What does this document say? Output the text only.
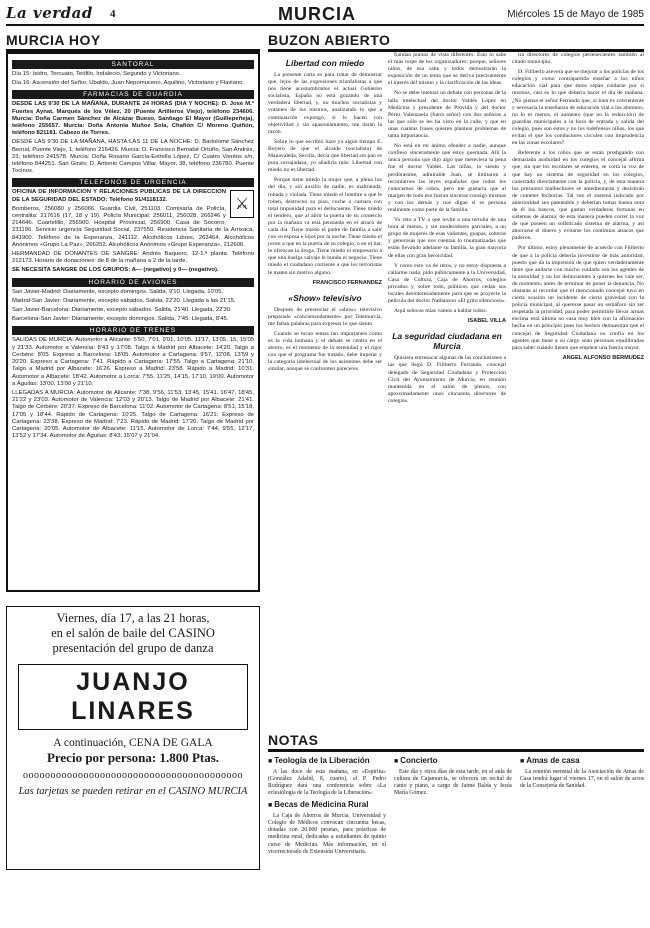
La verdad 4	MURCIA	Miércoles 15 de Mayo de 1985
MURCIA HOY
SANTORAL

Día 15: Isidro, Torcuato, Teófilo, Indalecio, Segundo y Victoriano.

Día 16: Ascensión del Señor, Ubaldo, Juan Nepomuceno, Aquilino, Victoriano y Flaviano.

FARMACIAS DE GUARDIA

DESDE LAS 9'30 DE LA MAÑANA, DURANTE 24 HORAS (DIA Y NOCHE): D. José M.ª Fuertes Aynat, Marqués de los Vélez, 20 (Puente Artilleros Viejo), teléfono 234606. Murcia: Doña Carmen Sánchez de Alcázar Bueso, Santiago El Mayor (Guillepeñeja), teléfono 255657. Murcia: Doña Antonia Muñoz Sola, Chafión C/ Moreno Quiñón, teléfono 821181. Cabezo de Torres.

DESDE LAS 9'30 DE LA MAÑANA, HASTA LAS 11 DE LA NOCHE: D. Bartolomé Sánchez Bernal, Puente Viejo, 1, teléfono 216426. Murcia: D. Francisco Bernabé Ortuño, San Andrés, 23, teléfono 241578. Murcia: Doña Rosario García-Estrella López, C/ Cuatro Vientos s/n, teléfono 844251. San Ginés; D. Antonio Campos Villar, Mayor, 38, teléfono 236780. Puente Tocinos.

TELEFONOS DE URGENCIA
⚔

OFICINA DE INFORMACION Y RELACIONES PUBLICAS DE LA DIRECCION DE LA SEGURIDAD DEL ESTADO: Teléfono 91/4118132.

Bomberos, 256080 y 256066. Guardia Civil, 251103. Comisaría de Policía, centralita: 217616 (17, 18 y 19). Policía Municipal: 256011, 256028, 266246 y 214646. Cuartelillo, 256900. Hospital Provincial, 256900. Casa de Socorro, 231196. Servicio urgencia Seguridad Social, 237550. Residencia Sanitaria de la Arrixaca, 841900. Teléfono de la Esperanza, 241112. Alcohólicos Libres, 263464. Alcohólicos Anónimos «Grupo La Paz», 266252. Alcohólicos Anónimos «Grupo Esperanza», 212606.

HERMANDAD DE DONANTES DE SANGRE: Andrés Baquero, 12-1.ª planta. Teléfono 212173. Horario de donaciones: de 8 de la mañana a 2 de la tarde.

SE NECESITA SANGRE DE LOS GRUPOS: A— (negativo) y 0— (negativo).

HORARIO DE AVIONES

San Javier-Madrid: Diariamente, excepto domingos. Salida, 9'10. Llegada, 10'05.

Madrid-San Javier: Diariamente, excepto sábados. Salida, 22'20. Llegada a las 21'15.

San Javier-Barcelona: Diariamente, excepto sábados. Salida, 21'40. Llegada, 22'30.

Barcelona-San Javier: Diariamente, excepto domingos. Salida, 7'45. Llegada, 8'45.

HORARIO DE TRENES

SALIDAS DE MURCIA: Automotor a Alicante: 5'50, 7'01, 9'01, 10'05, 11'17, 13'05, 15, 15'05 y 21'33. Automotor a Valencia: 8'43 y 17'08. Talgo a Madrid por Albacete: 14'20. Talgo a Cerbère: 8'05. Expreso a Barcelona: 18'05. Automotor a Cartagena: 9'57, 12'08, 13'59 y 20'20. Expreso a Cartagena: 7'41. Rápido a Cartagena: 17'55. Talgo a Cartagena: 21'10. Talgo a Madrid por Albacete: 16'26. Expreso a Madrid: 23'58. Rápido a Madrid: 10'31. Automotor a Albacete: 18'42. Automotor a Lorca: 7'55, 11'25, 14'15, 17'10, 19'00. Automotor a Águilas: 13'00, 13'00 y 21'10.

LLEGADAS A MURCIA: Automotor de Alicante: 7'38, 9'56, 11'53, 13'45, 15'41, 16'47, 18'45, 21'22 y 23'03. Automotor de Valencia: 12'03 y 20'13. Talgo de Madrid por Albacete: 21'41. Talgo de Cerbère: 20'37. Expreso de Barcelona: 11'02. Automotor de Cartagena: 8'51, 15'18, 17'05 y 18'44. Rápido de Cartagena: 10'25. Talgo de Cartagena: 16'21. Expreso de Cartagena: 23'38. Expreso de Madrid: 7'23. Rápido de Madrid: 17'20. Talgo de Madrid por Cartagena: 20'05. Automotor de Albacete: 11'15. Automotor de Lorca: 7'44, 9'55, 12'17, 13'52 y 17'34. Automotor de Águilas: 8'43, 15'07 y 21'04.

Viernes, día 17, a las 21 horas,
en el salón de baile del CASINO
presentación del grupo de danza
JUANJO LINARES
A continuación, CENA DE GALA
Precio por persona: 1.800 Ptas.
oooooooooooooooooooooooooooooooooooooooo
Las tarjetas se pueden retirar en el CASINO MURCIA
BUZON ABIERTO
Libertad con miedo

La presente carta es para tratar de demostrar que, lejos de las expresiones triunfalistas a que nos tiene acostumbrados el actual Gobierno socialista, España no está gozando de una verdadera libertad, y, no muchos socialistas y votantes de los mismos, analizando lo que a continuación expongo, si lo hacen con objetividad y sin apasionamiento, me darán la razón.

Sobre lo que escribió hace ya algún tiempo E. Boyero de que el alcalde (socialista) de Manavaleda, Sevilla, decía que libertad sin pan es pura cerrajadaza, yo añadiría más: Libertad con miedo no es libertad.

Porque tiene miedo la mujer que, a plena luz del día, y sin auxilio de nadie, es maltratada, robada y violada. Tiene miedo el hombre a que le roben, destrocen su piso, coche o camara con total impunidad para el delincuente. Tiene miedo el tendero, que al abrir la puerta de su comercio por la mañana va está pensando en el atraco de cada día. Tiene miedo el padre de familia a salir con su esposa e hijos por la noche. Tiene miedo el joven a que en la puerta de su colegio, o en el bar, le ofrezcan la droga. Tiene miedo el empresario a que una huelga salvaje le hunda el negocio. Tiene miedo el ciudadano corriente a que los terroristas le maten sin motivo alguno.

FRANCISCO FERNANDEZ
«Show» televisivo

Después de presenciar el «show» televisivo preparado «concienzudamente» por Telemurcia, me faltan palabras para expresar lo que siento.

Cuando se tocan temas tan importantes como es la vida humana y el debate se centra en el aborto, es el momento de la serenidad y el rigor con que el programa fue tratado, debe imperar y la categoría intelectual de los asistentes debe ser similar, aunque se confronten pareceres.

fiandan puntos de vista diferentes. Esto lo sabe el más torpe de los organizadores; porque, señores niños, de esa sabe y todos demostrarán la exposición de un tema que se deriva precisamente el interés del mismo y la clarificación de las ideas.

No se debe intentar un debate con personas de la talla intelectual del doctor Valdés López en Medicina y presidente de Provida y del doctor Pérez Valenzuela (fuera señor) con dos señoras a las que sólo se les ha visto en la calle, y que en unas cuantas frases quieren plantear problemas de tanta importancia.

No está en mi ánimo ofender a nadie, aunque confieso sinceramente que estoy quemada. Allí la única persona que dijo algo que mereciera la pena fue el doctor Valdés. Las niñas, lo siento y perdónenme, admirable Juan, se limitaron a recordarnos las leyes españolas que todos los conocemos de sobra, pero me gustaría que al margen de todo eso fueran sinceras consigo mismas y con los demás y nos digan si es persona realmente como parte de la familia.

Yo reto a TV a que invite a una tertulia de una hora al menos, y sin moderadores parciales, a un grupo de mujeres de esas valientes, guapas, solteras y generosas que nos cuentan lo traumatizadas que están llevando adelante su familia, la gran mayoría de ellas con gran heroicidad.

Y como esto va de retos, y no estoy dispuesta a callarme nada, pido públicamente a la Universidad, Casa de Cultura, Caja de Ahorros, colegios privados y, sobre todo, públicos que cedan sus locales desinteresadamente para que se proyecte la película del doctor Nathanson «El grito silencioso».

Aquí señoras mías vamos a hablar todos.

ISABEL VILLA
La seguridad ciudadana en Murcia

Quisiera entresacar algunas de las conclusiones a las que llegó D. Filiberto Ferrando, concejal delegado de Seguridad Ciudadana y Protección Civil del Ayuntamiento de Murcia, en reunión mantenida en el salón de plenos, con aproximadamente unos cincuenta directores de colegios.

tra directores de colegios pertenecientes también al citado municipio.

D. Filiberto asevera que se mejorar a los policías de los colegios y como contrapartida enseñar a los niños educación vial para que éstos sepan cuidarse por sí mismos, casi es lo que debería hacer el día de mañana. ¿No piensa el señor Ferrando que, si bien es conveniente y necesaria la enseñanza de educación vial a los alumnos, no lo es menos, el aumento (que no la reducción) de guardias municipales a la hora de entrada y salida del colegio, pues son éstos y no los indefensos niños, los que evitan el que los conductores circulen con imprudencia en las zonas escolares?

Referente a los robos que se están prodigando con demasiada asiduidad en los colegios el concejal afirma que, sin que los escolares se enteren, se corta la voz de que hay un sistema de seguridad en los colegios, conectado directamente con la policía, y, de esta manera los presuntos malhechores se amedrentarán y desistirán de cometer fechorías. Tal vez el sistema indicado por anterioridad sea patentable y deberían tomar buena nota de él los bancos, que gastan verdaderas fortunas en sistemas de alarma; de esta manera pueden correr la voz de que poseen un sofisticado sistema de alarma, y así ahorrarse el dinero y evitarse los continuos atracos que padecen.

Por último, estoy plenamente de acuerdo con Filiberto de que a la policía debería investirse de más autoridad, puesto que da la impresión de que quien verdaderamente tiene que andarse con mucho cuidado son los agentes de la autoridad y no los delincuentes a quienes les vale ser, de momento, antes de terminar de poner la denuncia. No obstante al recordar que el mencionado concejal tuvo en cierta ocasión un incidente de cierta gravedad con la policía municipal, al quererse pasar un semáforo sin ser respetada la prioridad, para poder permitirle llevar armas encima está última no casa muy bien con la afirmación hecha en un principio pues los hechos demuestran que el concejal de Seguridad Ciudadana no confía en los agentes que tiene a su cargo sean personas equilibradas para saber cuándo tienen que emplear una fuerza mayor.

ANGEL ALFONSO BERMUDEZ
NOTAS
■ Teología de la Liberación

A las doce de esta mañana, en «Espiritu» (González Adalid, 8, cuarto), el P. Pedro Rodríguez dará una conferencia sobre «La eclesiología de la Teología de la Liberación».

■ Becas de Medicina Rural

La Caja de Ahorros de Murcia, Universidad y Colegio de Médicos convocan cincuenta becas, dotadas con 20.000 pesetas, para prácticas de medicina rural, dedicadas a estudiantes de quinto curso de Medicina. Más información, en el vicerrectorado de Extensión Universitaria.

■ Concierto

Este día y otros días de esta tarde, en el aula de cultura de Cajamurcia, se ofrecerá un recital de canto y piano, a cargo de Jaime Balda y Jesús María Gómez.

■ Amas de casa

La reunión mensual de la Asociación de Amas de Casa tendrá lugar el viernes 17, en el salón de actos de la Consejería de Sanidad.
